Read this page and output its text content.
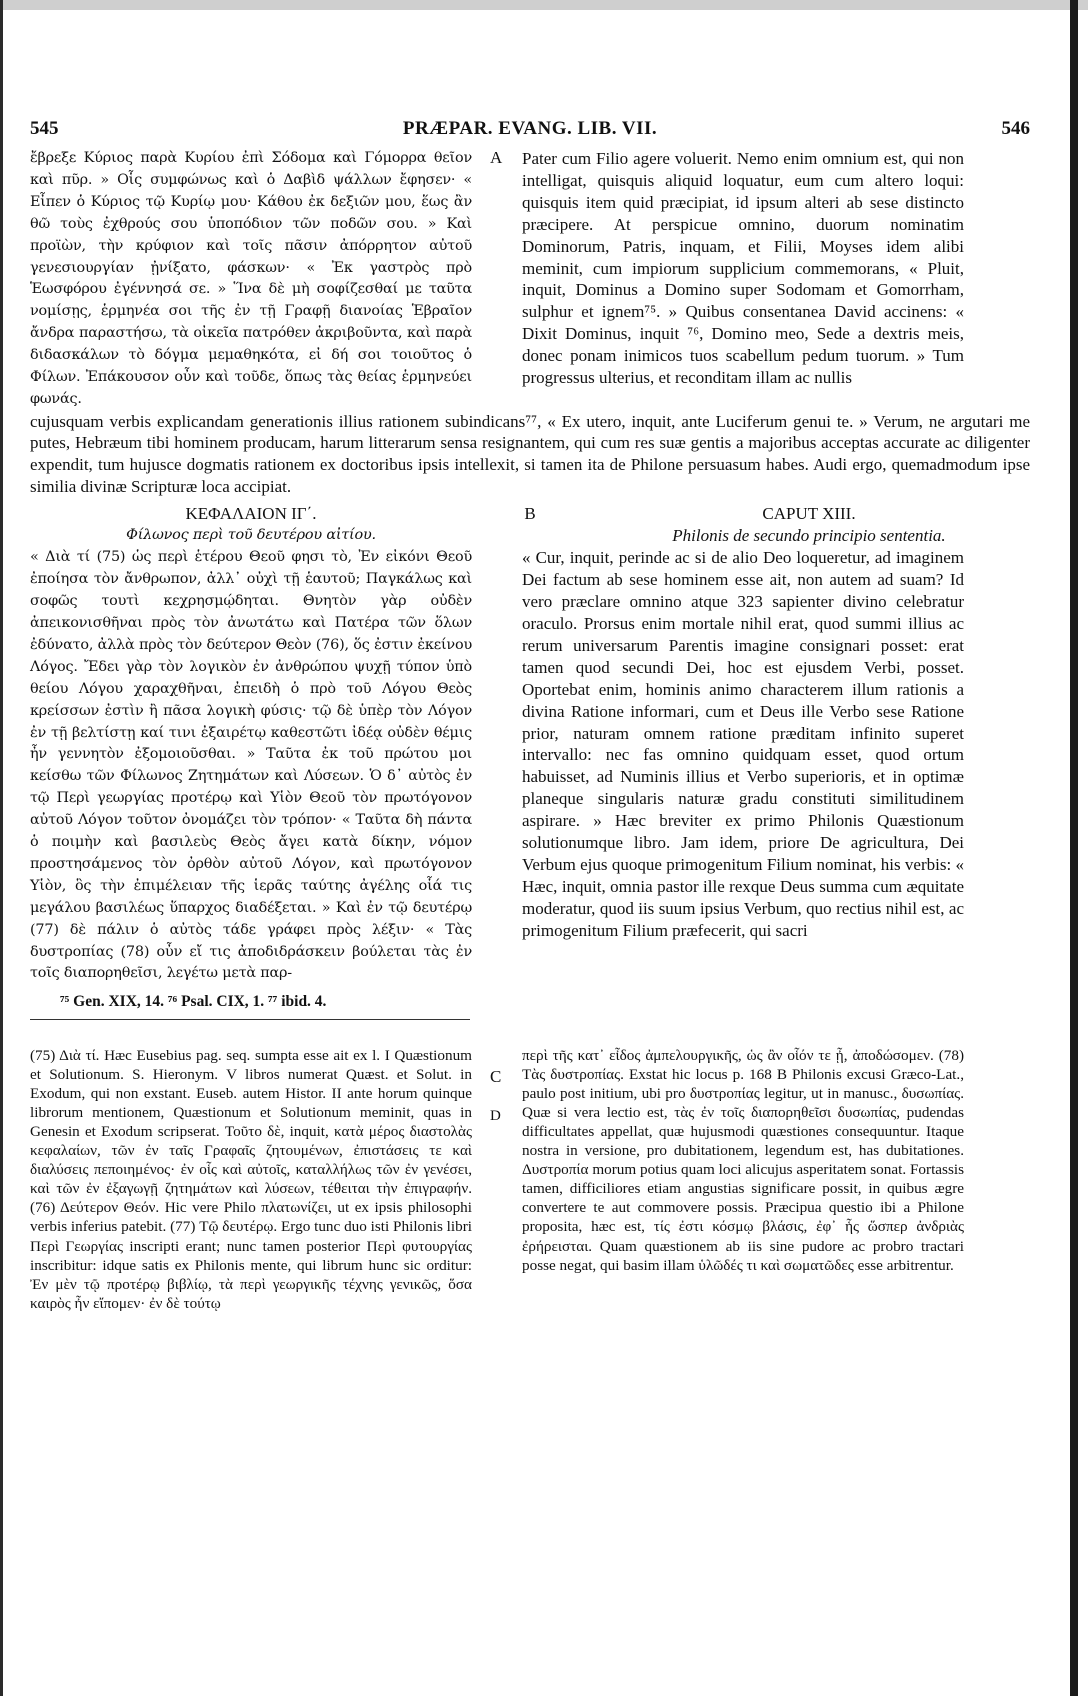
545	PRÆPAR. EVANG. LIB. VII.	546

ἔβρεξε Κύριος παρὰ Κυρίου ἐπὶ Σόδομα καὶ Γόμορρα θεῖον καὶ πῦρ. » Οἷς συμφώνως καὶ ὁ Δαβὶδ ψάλλων ἔφησεν· « Εἶπεν ὁ Κύριος τῷ Κυρίῳ μου· Κάθου ἐκ δεξιῶν μου, ἕως ἂν θῶ τοὺς ἐχθρούς σου ὑποπόδιον τῶν ποδῶν σου. » Καὶ προϊὼν, τὴν κρύφιον καὶ τοῖς πᾶσιν ἀπόρρητον αὐτοῦ γενεσιουργίαν ᾐνίξατο, φάσκων· « Ἐκ γαστρὸς πρὸ Ἑωσφόρου ἐγέννησά σε. » Ἵνα δὲ μὴ σοφίζεσθαί με ταῦτα νομίσῃς, ἑρμηνέα σοι τῆς ἐν τῇ Γραφῇ διανοίας Ἑβραῖον ἄνδρα παραστήσω, τὰ οἰκεῖα πατρόθεν ἀκριβοῦντα, καὶ παρὰ διδασκάλων τὸ δόγμα μεμαθηκότα, εἰ δή σοι τοιοῦτος ὁ Φίλων. Ἐπάκουσον οὖν καὶ τοῦδε, ὅπως τὰς θείας ἑρμηνεύει φωνάς.

A Pater cum Filio agere voluerit. Nemo enim omnium est, qui non intelligat, quisquis aliquid loquatur, eum cum altero loqui: quisquis item quid præcipiat, id ipsum alteri ab sese distincto præcipere. At perspicue omnino, duorum nominatim Dominorum, Patris, inquam, et Filii, Moyses idem alibi meminit, cum impiorum supplicium commemorans, « Pluit, inquit, Dominus a Domino super Sodomam et Gomorrham, sulphur et ignem⁷⁵. » Quibus consentanea David accinens: « Dixit Dominus, inquit ⁷⁶, Domino meo, Sede a dextris meis, donec ponam inimicos tuos scabellum pedum tuorum. » Tum progressus ulterius, et reconditam illam ac nullis

cujusquam verbis explicandam generationis illius rationem subindicans⁷⁷, « Ex utero, inquit, ante Luciferum genui te. » Verum, ne argutari me putes, Hebræum tibi hominem producam, harum litterarum sensa resignantem, qui cum res suæ gentis a majoribus acceptas accurate ac diligenter expendit, tum hujusce dogmatis rationem ex doctoribus ipsis intellexit, si tamen ita de Philone persuasum habes. Audi ergo, quemadmodum ipse similia divinæ Scripturæ loca accipiat.

ΚΕΦΑΛΑΙΟΝ ΙΓ΄.
Φίλωνος περὶ τοῦ δευτέρου αἰτίου.
B	CAPUT XIII.
Philonis de secundo principio sententia.

« Διὰ τί (75) ὡς περὶ ἑτέρου Θεοῦ φησι τὸ, Ἐν εἰκόνι Θεοῦ ἐποίησα τὸν ἄνθρωπον, ἀλλ᾽ οὐχὶ τῇ ἑαυτοῦ; Παγκάλως καὶ σοφῶς τουτὶ κεχρησμῴδηται. Θνητὸν γὰρ οὐδὲν ἀπεικονισθῆναι πρὸς τὸν ἀνωτάτω καὶ Πατέρα τῶν ὅλων ἐδύνατο, ἀλλὰ πρὸς τὸν δεύτερον Θεὸν (76), ὅς ἐστιν ἐκείνου Λόγος. Ἔδει γὰρ τὸν λογικὸν ἐν ἀνθρώπου ψυχῇ τύπον ὑπὸ θείου Λόγου χαραχθῆναι, ἐπειδὴ ὁ πρὸ τοῦ Λόγου Θεὸς κρείσσων ἐστὶν ἢ πᾶσα λογικὴ φύσις· τῷ δὲ ὑπὲρ τὸν Λόγον ἐν τῇ βελτίστῃ καί τινι ἐξαιρέτῳ καθεστῶτι ἰδέᾳ οὐδὲν θέμις ἦν γεννητὸν ἐξομοιοῦσθαι. » Ταῦτα ἐκ τοῦ πρώτου μοι κείσθω τῶν Φίλωνος Ζητημάτων καὶ Λύσεων. Ὁ δ᾽ αὐτὸς ἐν τῷ Περὶ γεωργίας προτέρῳ καὶ Υἱὸν Θεοῦ τὸν πρωτόγονον αὐτοῦ Λόγον τοῦτον ὀνομάζει τὸν τρόπον· « Ταῦτα δὴ πάντα ὁ ποιμὴν καὶ βασιλεὺς Θεὸς ἄγει κατὰ δίκην, νόμον προστησάμενος τὸν ὀρθὸν αὐτοῦ Λόγον, καὶ πρωτόγονον Υἱὸν, ὃς τὴν ἐπιμέλειαν τῆς ἱερᾶς ταύτης ἀγέλης οἷά τις μεγάλου βασιλέως ὕπαρχος διαδέξεται. » Καὶ ἐν τῷ δευτέρῳ (77) δὲ πάλιν ὁ αὐτὸς τάδε γράφει πρὸς λέξιν· « Τὰς δυστροπίας (78) οὖν εἴ τις ἀποδιδράσκειν βούλεται τὰς ἐν τοῖς διαπορηθεῖσι, λεγέτω μετὰ παρ-

C

« Cur, inquit, perinde ac si de alio Deo loqueretur, ad imaginem Dei factum ab sese hominem esse ait, non autem ad suam? Id vero præclare omnino atque 323 sapienter divino celebratur oraculo. Prorsus enim mortale nihil erat, quod summi illius ac rerum universarum Parentis imagine consignari posset: erat tamen quod secundi Dei, hoc est ejusdem Verbi, posset. Oportebat enim, hominis animo characterem illum rationis a divina Ratione informari, cum et Deus ille Verbo sese Ratione prior, naturam omnem ratione præditam infinito superet intervallo: nec fas omnino quidquam esset, quod ortum habuisset, ad Numinis illius et Verbo superioris, et in optimæ planeque singularis naturæ gradu constituti similitudinem aspirare. » Hæc breviter ex primo Philonis Quæstionum solutionumque libro. Jam idem, priore De agricultura, Dei Verbum ejus quoque primogenitum Filium nominat, his verbis: « Hæc, inquit, omnia pastor ille rexque Deus summa cum æquitate moderatur, quod iis suum ipsius Verbum, quo rectius nihil est, ac primogenitum Filium præfecerit, qui sacri

⁷⁵ Gen. XIX, 14. ⁷⁶ Psal. CIX, 1. ⁷⁷ ibid. 4.

(75) Διὰ τί. Hæc Eusebius pag. seq. sumpta esse ait ex l. I Quæstionum et Solutionum. S. Hieronym. V libros numerat Quæst. et Solut. in Exodum, qui non exstant. Euseb. autem Histor. II ante horum quinque librorum mentionem, Quæstionum et Solutionum meminit, quas in Genesin et Exodum scripserat. Τοῦτο δὲ, inquit, κατὰ μέρος διαστολὰς κεφαλαίων, τῶν ἐν ταῖς Γραφαῖς ζητουμένων, ἐπιστάσεις τε καὶ διαλύσεις πεποιημένος· ἐν οἷς καὶ αὐτοῖς, καταλλήλως τῶν ἐν γενέσει, καὶ τῶν ἐν ἐξαγωγῇ ζητημάτων καὶ λύσεων, τέθειται τὴν ἐπιγραφήν. (76) Δεύτερον Θεόν. Hic vere Philo πλατωνίζει, ut ex ipsis philosophi verbis inferius patebit. (77) Τῷ δευτέρῳ. Ergo tunc duo isti Philonis libri Περὶ Γεωργίας inscripti erant; nunc tamen posterior Περὶ φυτουργίας inscribitur: idque satis ex Philonis mente, qui librum hunc sic orditur: Ἐν μὲν τῷ προτέρῳ βιβλίῳ, τὰ περὶ γεωργικῆς τέχνης γενικῶς, ὅσα καιρὸς ἦν εἴπομεν· ἐν δὲ τούτῳ

D

περὶ τῆς κατ᾽ εἶδος ἀμπελουργικῆς, ὡς ἂν οἷόν τε ᾖ, ἀποδώσομεν. (78) Τὰς δυστροπίας. Exstat hic locus p. 168 B Philonis excusi Græco-Lat., paulo post initium, ubi pro δυστροπίας legitur, ut in manusc., δυσωπίας. Quæ si vera lectio est, τὰς ἐν τοῖς διαπορηθεῖσι δυσωπίας, pudendas difficultates appellat, quæ hujusmodi quæstiones consequuntur. Itaque nostra in versione, pro dubitationem, legendum est, has dubitationes. Δυστροπία morum potius quam loci alicujus asperitatem sonat. Fortassis tamen, difficiliores etiam angustias significare possit, in quibus ægre convertere te aut commovere possis. Præcipua questio ibi a Philone proposita, hæc est, τίς ἐστι κόσμῳ βλάσις, ἐφ᾽ ἧς ὥσπερ ἀνδριὰς ἐρήρεισται. Quam quæstionem ab iis sine pudore ac probro tractari posse negat, qui basim illam ὑλῶδές τι καὶ σωματῶδες esse arbitrentur.
